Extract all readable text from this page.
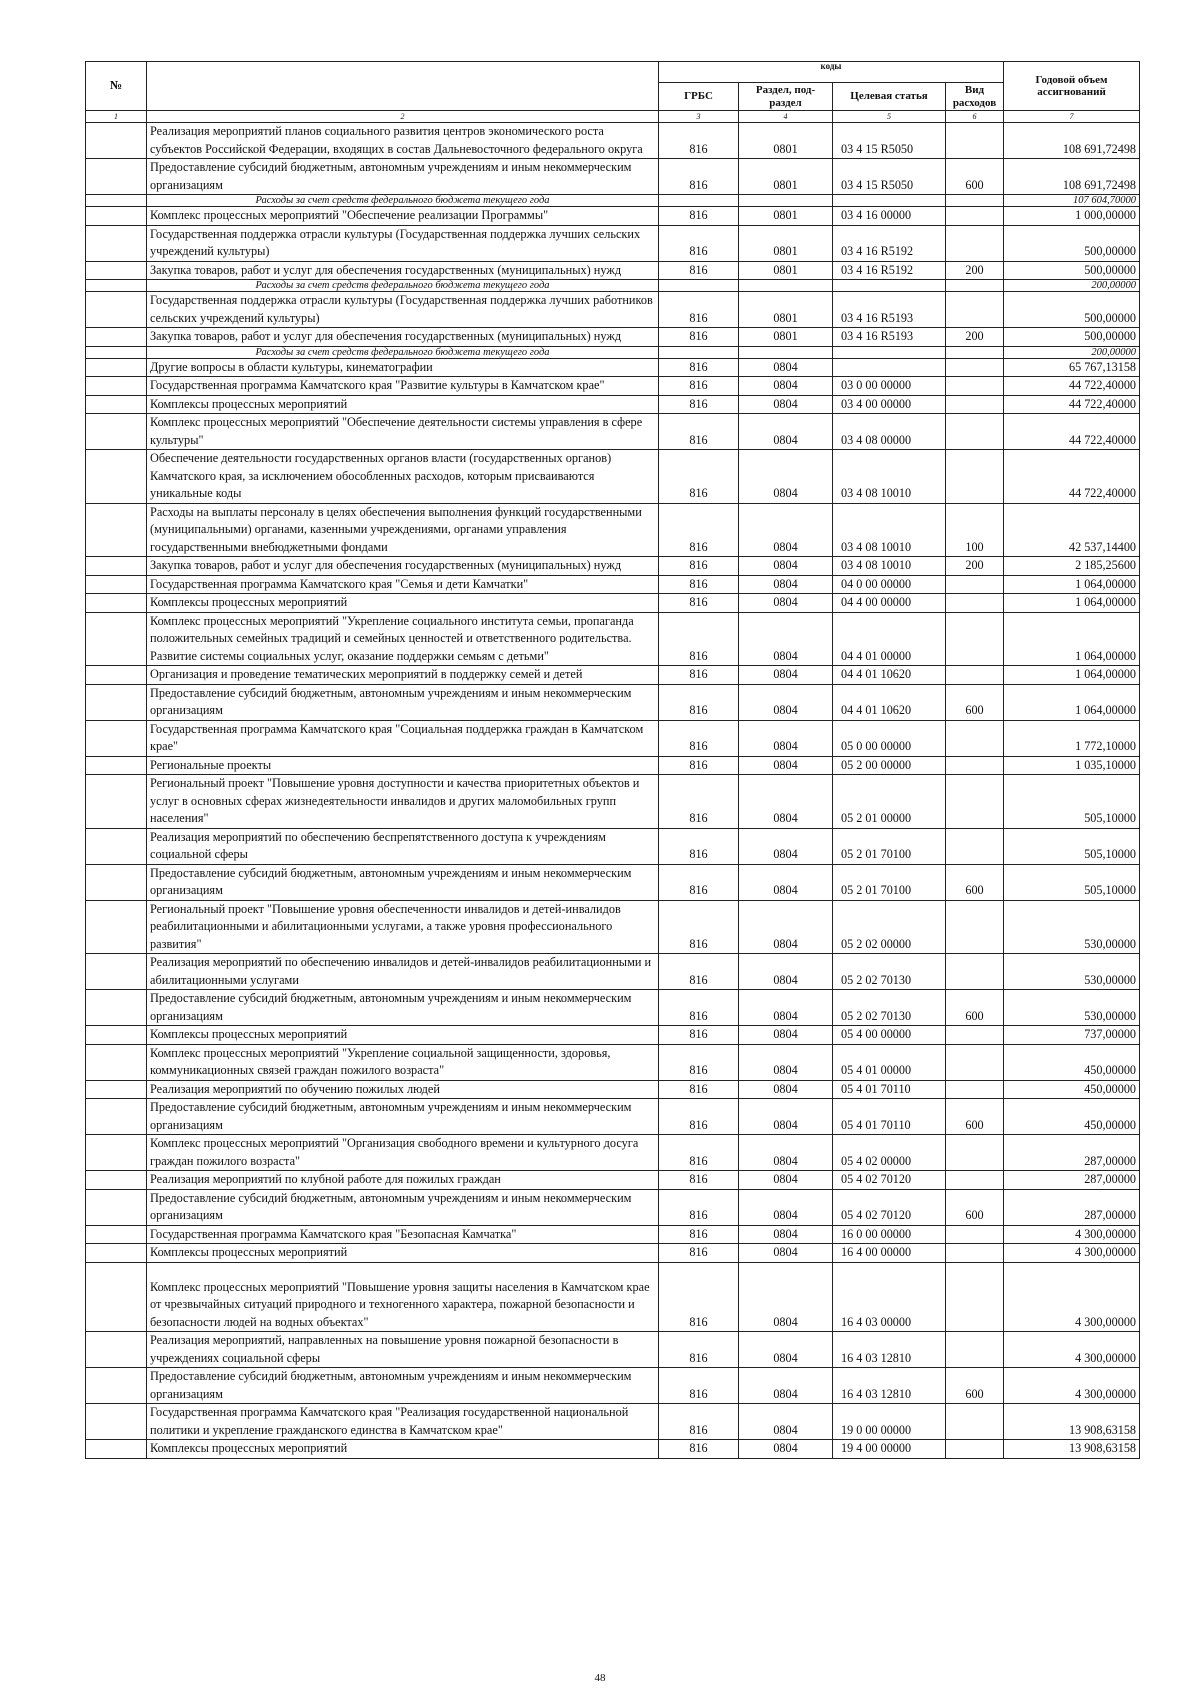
№		коды				Годовой объем ассигнований
		ГРБС	Раздел, под-раздел	Целевая статья	Вид расходов	
1	2	3	4	5	6	7
	Реализация мероприятий планов социального развития центров экономического роста субъектов Российской Федерации, входящих в состав Дальневосточного федерального округа	816	0801	03 4 15 R5050		108 691,72498
	Предоставление субсидий бюджетным, автономным учреждениям и иным некоммерческим организациям	816	0801	03 4 15 R5050	600	108 691,72498
	Расходы за счет средств федерального бюджета текущего года					107 604,70000
	Комплекс процессных мероприятий "Обеспечение реализации Программы"	816	0801	03 4 16 00000		1 000,00000
	Государственная поддержка отрасли культуры (Государственная поддержка лучших сельских учреждений культуры)	816	0801	03 4 16 R5192		500,00000
	Закупка товаров, работ и услуг для обеспечения государственных (муниципальных) нужд	816	0801	03 4 16 R5192	200	500,00000
	Расходы за счет средств федерального бюджета текущего года					200,00000
	Государственная поддержка отрасли культуры (Государственная поддержка лучших работников сельских учреждений культуры)	816	0801	03 4 16 R5193		500,00000
	Закупка товаров, работ и услуг для обеспечения государственных (муниципальных) нужд	816	0801	03 4 16 R5193	200	500,00000
	Расходы за счет средств федерального бюджета текущего года					200,00000
	Другие вопросы в области культуры, кинематографии	816	0804			65 767,13158
	Государственная программа Камчатского края "Развитие культуры в Камчатском крае"	816	0804	03 0 00 00000		44 722,40000
	Комплексы процессных мероприятий	816	0804	03 4 00 00000		44 722,40000
	Комплекс процессных мероприятий "Обеспечение деятельности системы управления в сфере культуры"	816	0804	03 4 08 00000		44 722,40000
	Обеспечение деятельности государственных органов власти (государственных органов) Камчатского края, за исключением обособленных расходов, которым присваиваются уникальные коды	816	0804	03 4 08 10010		44 722,40000
	Расходы на выплаты персоналу в целях обеспечения выполнения функций государственными (муниципальными) органами, казенными учреждениями, органами управления государственными внебюджетными фондами	816	0804	03 4 08 10010	100	42 537,14400
	Закупка товаров, работ и услуг для обеспечения государственных (муниципальных) нужд	816	0804	03 4 08 10010	200	2 185,25600
	Государственная программа Камчатского края "Семья и дети Камчатки"	816	0804	04 0 00 00000		1 064,00000
	Комплексы процессных мероприятий	816	0804	04 4 00 00000		1 064,00000
	Комплекс процессных мероприятий "Укрепление социального института семьи, пропаганда положительных семейных традиций и семейных ценностей и ответственного родительства. Развитие системы социальных услуг, оказание поддержки семьям с детьми"	816	0804	04 4 01 00000		1 064,00000
	Организация и проведение тематических мероприятий в поддержку семей и детей	816	0804	04 4 01 10620		1 064,00000
	Предоставление субсидий бюджетным, автономным учреждениям и иным некоммерческим организациям	816	0804	04 4 01 10620	600	1 064,00000
	Государственная программа Камчатского края "Социальная поддержка граждан в Камчатском крае"	816	0804	05 0 00 00000		1 772,10000
	Региональные проекты	816	0804	05 2 00 00000		1 035,10000
	Региональный проект "Повышение уровня доступности и качества приоритетных объектов и услуг в основных сферах жизнедеятельности инвалидов и других маломобильных групп населения"	816	0804	05 2 01 00000		505,10000
	Реализация мероприятий по обеспечению беспрепятственного доступа к учреждениям социальной сферы	816	0804	05 2 01 70100		505,10000
	Предоставление субсидий бюджетным, автономным учреждениям и иным некоммерческим организациям	816	0804	05 2 01 70100	600	505,10000
	Региональный проект "Повышение уровня обеспеченности инвалидов и детей-инвалидов реабилитационными и абилитационными услугами, а также уровня профессионального развития"	816	0804	05 2 02 00000		530,00000
	Реализация мероприятий по обеспечению инвалидов и детей-инвалидов реабилитационными и абилитационными услугами	816	0804	05 2 02 70130		530,00000
	Предоставление субсидий бюджетным, автономным учреждениям и иным некоммерческим организациям	816	0804	05 2 02 70130	600	530,00000
	Комплексы процессных мероприятий	816	0804	05 4 00 00000		737,00000
	Комплекс процессных мероприятий "Укрепление социальной защищенности, здоровья, коммуникационных связей граждан пожилого возраста"	816	0804	05 4 01 00000		450,00000
	Реализация мероприятий по обучению пожилых людей	816	0804	05 4 01 70110		450,00000
	Предоставление субсидий бюджетным, автономным учреждениям и иным некоммерческим организациям	816	0804	05 4 01 70110	600	450,00000
	Комплекс процессных мероприятий "Организация свободного времени и культурного досуга граждан пожилого возраста"	816	0804	05 4 02 00000		287,00000
	Реализация мероприятий по клубной работе для пожилых граждан	816	0804	05 4 02 70120		287,00000
	Предоставление субсидий бюджетным, автономным учреждениям и иным некоммерческим организациям	816	0804	05 4 02 70120	600	287,00000
	Государственная программа Камчатского края "Безопасная Камчатка"	816	0804	16 0 00 00000		4 300,00000
	Комплексы процессных мероприятий	816	0804	16 4 00 00000		4 300,00000
	Комплекс процессных мероприятий "Повышение уровня защиты населения в Камчатском крае от чрезвычайных ситуаций природного и техногенного характера, пожарной безопасности и безопасности людей на водных объектах"	816	0804	16 4 03 00000		4 300,00000
	Реализация мероприятий, направленных на повышение уровня пожарной безопасности в учреждениях социальной сферы	816	0804	16 4 03 12810		4 300,00000
	Предоставление субсидий бюджетным, автономным учреждениям и иным некоммерческим организациям	816	0804	16 4 03 12810	600	4 300,00000
	Государственная программа Камчатского края "Реализация государственной национальной политики и укрепление гражданского единства в Камчатском крае"	816	0804	19 0 00 00000		13 908,63158
	Комплексы процессных мероприятий	816	0804	19 4 00 00000		13 908,63158
48
